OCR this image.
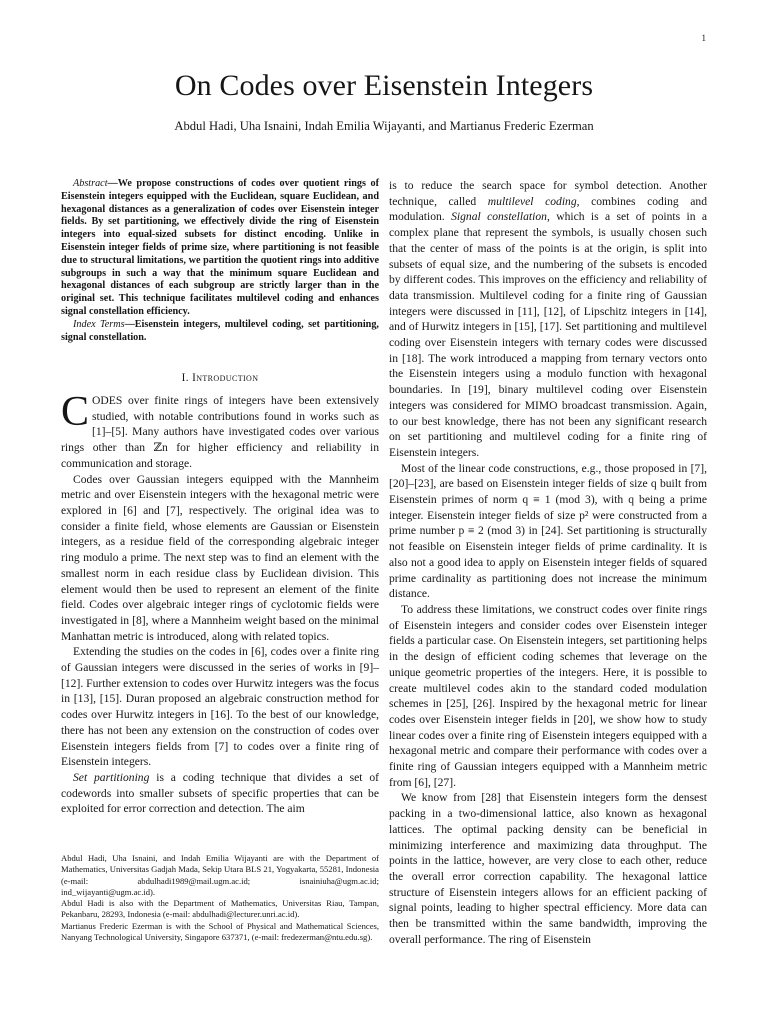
1
On Codes over Eisenstein Integers
Abdul Hadi, Uha Isnaini, Indah Emilia Wijayanti, and Martianus Frederic Ezerman

Abstract—We propose constructions of codes over quotient rings of Eisenstein integers equipped with the Euclidean, square Euclidean, and hexagonal distances as a generalization of codes over Eisenstein integer fields. By set partitioning, we effectively divide the ring of Eisenstein integers into equal-sized subsets for distinct encoding. Unlike in Eisenstein integer fields of prime size, where partitioning is not feasible due to structural limitations, we partition the quotient rings into additive subgroups in such a way that the minimum square Euclidean and hexagonal distances of each subgroup are strictly larger than in the original set. This technique facilitates multilevel coding and enhances signal constellation efficiency.

Index Terms—Eisenstein integers, multilevel coding, set partitioning, signal constellation.

I. Introduction

CODES over finite rings of integers have been extensively studied, with notable contributions found in works such as [1]–[5]. Many authors have investigated codes over various rings other than ℤn for higher efficiency and reliability in communication and storage.

Codes over Gaussian integers equipped with the Mannheim metric and over Eisenstein integers with the hexagonal metric were explored in [6] and [7], respectively. The original idea was to consider a finite field, whose elements are Gaussian or Eisenstein integers, as a residue field of the corresponding algebraic integer ring modulo a prime. The next step was to find an element with the smallest norm in each residue class by Euclidean division. This element would then be used to represent an element of the finite field. Codes over algebraic integer rings of cyclotomic fields were investigated in [8], where a Mannheim weight based on the minimal Manhattan metric is introduced, along with related topics.

Extending the studies on the codes in [6], codes over a finite ring of Gaussian integers were discussed in the series of works in [9]–[12]. Further extension to codes over Hurwitz integers was the focus in [13], [15]. Duran proposed an algebraic construction method for codes over Hurwitz integers in [16]. To the best of our knowledge, there has not been any extension on the construction of codes over Eisenstein integers fields from [7] to codes over a finite ring of Eisenstein integers.

Set partitioning is a coding technique that divides a set of codewords into smaller subsets of specific properties that can be exploited for error correction and detection. The aim

Abdul Hadi, Uha Isnaini, and Indah Emilia Wijayanti are with the Department of Mathematics, Universitas Gadjah Mada, Sekip Utara BLS 21, Yogyakarta, 55281, Indonesia (e-mail: abdulhadi1989@mail.ugm.ac.id; isnainiuha@ugm.ac.id; ind_wijayanti@ugm.ac.id).

Abdul Hadi is also with the Department of Mathematics, Universitas Riau, Tampan, Pekanbaru, 28293, Indonesia (e-mail: abdulhadi@lecturer.unri.ac.id).

Martianus Frederic Ezerman is with the School of Physical and Mathematical Sciences, Nanyang Technological University, Singapore 637371, (e-mail: fredezerman@ntu.edu.sg).

is to reduce the search space for symbol detection. Another technique, called multilevel coding, combines coding and modulation. Signal constellation, which is a set of points in a complex plane that represent the symbols, is usually chosen such that the center of mass of the points is at the origin, is split into subsets of equal size, and the numbering of the subsets is encoded by different codes. This improves on the efficiency and reliability of data transmission. Multilevel coding for a finite ring of Gaussian integers were discussed in [11], [12], of Lipschitz integers in [14], and of Hurwitz integers in [15], [17]. Set partitioning and multilevel coding over Eisenstein integers with ternary codes were discussed in [18]. The work introduced a mapping from ternary vectors onto the Eisenstein integers using a modulo function with hexagonal boundaries. In [19], binary multilevel coding over Eisenstein integers was considered for MIMO broadcast transmission. Again, to our best knowledge, there has not been any significant research on set partitioning and multilevel coding for a finite ring of Eisenstein integers.

Most of the linear code constructions, e.g., those proposed in [7], [20]–[23], are based on Eisenstein integer fields of size q built from Eisenstein primes of norm q ≡ 1 (mod 3), with q being a prime integer. Eisenstein integer fields of size p² were constructed from a prime number p ≡ 2 (mod 3) in [24]. Set partitioning is structurally not feasible on Eisenstein integer fields of prime cardinality. It is also not a good idea to apply on Eisenstein integer fields of squared prime cardinality as partitioning does not increase the minimum distance.

To address these limitations, we construct codes over finite rings of Eisenstein integers and consider codes over Eisenstein integer fields a particular case. On Eisenstein integers, set partitioning helps in the design of efficient coding schemes that leverage on the unique geometric properties of the integers. Here, it is possible to create multilevel codes akin to the standard coded modulation schemes in [25], [26]. Inspired by the hexagonal metric for linear codes over Eisenstein integer fields in [20], we show how to study linear codes over a finite ring of Eisenstein integers equipped with a hexagonal metric and compare their performance with codes over a finite ring of Gaussian integers equipped with a Mannheim metric from [6], [27].

We know from [28] that Eisenstein integers form the densest packing in a two-dimensional lattice, also known as hexagonal lattices. The optimal packing density can be beneficial in minimizing interference and maximizing data throughput. The points in the lattice, however, are very close to each other, reduce the overall error correction capability. The hexagonal lattice structure of Eisenstein integers allows for an efficient packing of signal points, leading to higher spectral efficiency. More data can then be transmitted within the same bandwidth, improving the overall performance. The ring of Eisenstein
